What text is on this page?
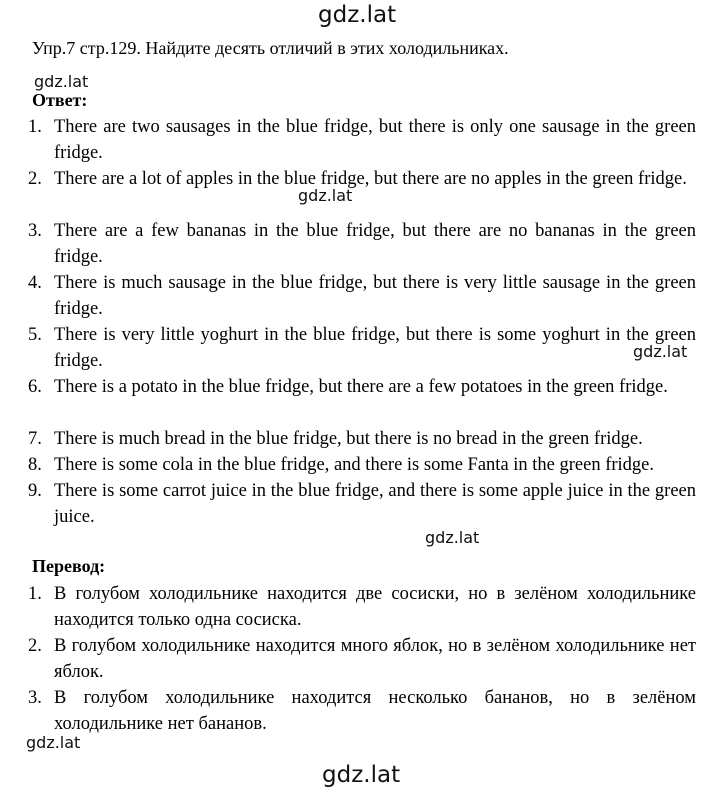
gdz.lat
gdz.lat
gdz.lat
gdz.lat
gdz.lat
gdz.lat
gdz.lat
Упр.7 стр.129. Найдите десять отличий в этих холодильниках.
Ответ:
1. There are two sausages in the blue fridge, but there is only one sausage in the green fridge.
2. There are a lot of apples in the blue fridge, but there are no apples in the green fridge.
3. There are a few bananas in the blue fridge, but there are no bananas in the green fridge.
4. There is much sausage in the blue fridge, but there is very little sausage in the green fridge.
5. There is very little yoghurt in the blue fridge, but there is some yoghurt in the green fridge.
6. There is a potato in the blue fridge, but there are a few potatoes in the green fridge.
7. There is much bread in the blue fridge, but there is no bread in the green fridge.
8. There is some cola in the blue fridge, and there is some Fanta in the green fridge.
9. There is some carrot juice in the blue fridge, and there is some apple juice in the green juice.
Перевод:
1. В голубом холодильнике находится две сосиски, но в зелёном холодильнике находится только одна сосиска.
2. В голубом холодильнике находится много яблок, но в зелёном холодильнике нет яблок.
3. В голубом холодильнике находится несколько бананов, но в зелёном холодильнике нет бананов.
